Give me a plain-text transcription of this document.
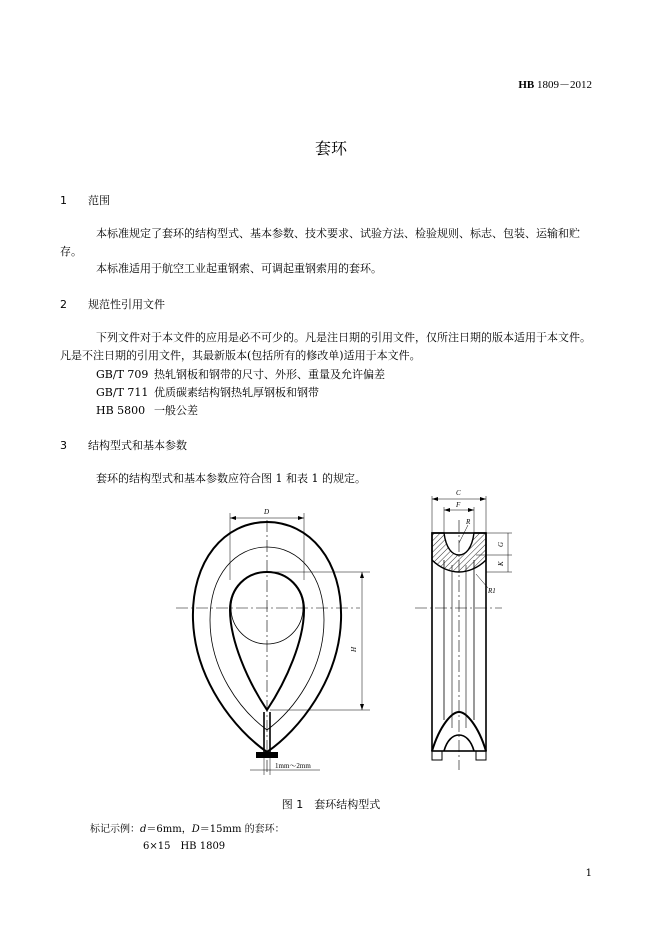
HB 1809－2012
套环
1 范围
本标准规定了套环的结构型式、基本参数、技术要求、试验方法、检验规则、标志、包装、运输和贮存。
本标准适用于航空工业起重钢索、可调起重钢索用的套环。
2 规范性引用文件
下列文件对于本文件的应用是必不可少的。凡是注日期的引用文件，仅所注日期的版本适用于本文件。凡是不注日期的引用文件，其最新版本(包括所有的修改单)适用于本文件。
GB/T 709 热轧钢板和钢带的尺寸、外形、重量及允许偏差
GB/T 711 优质碳素结构钢热轧厚钢板和钢带
HB 5800 一般公差
3 结构型式和基本参数
套环的结构型式和基本参数应符合图 1 和表 1 的规定。
D
H
1mm～2mm
C
F
R
G
K
R1
图 1　套环结构型式
标记示例：d＝6mm，D＝15mm 的套环：
6×15　HB 1809
1
